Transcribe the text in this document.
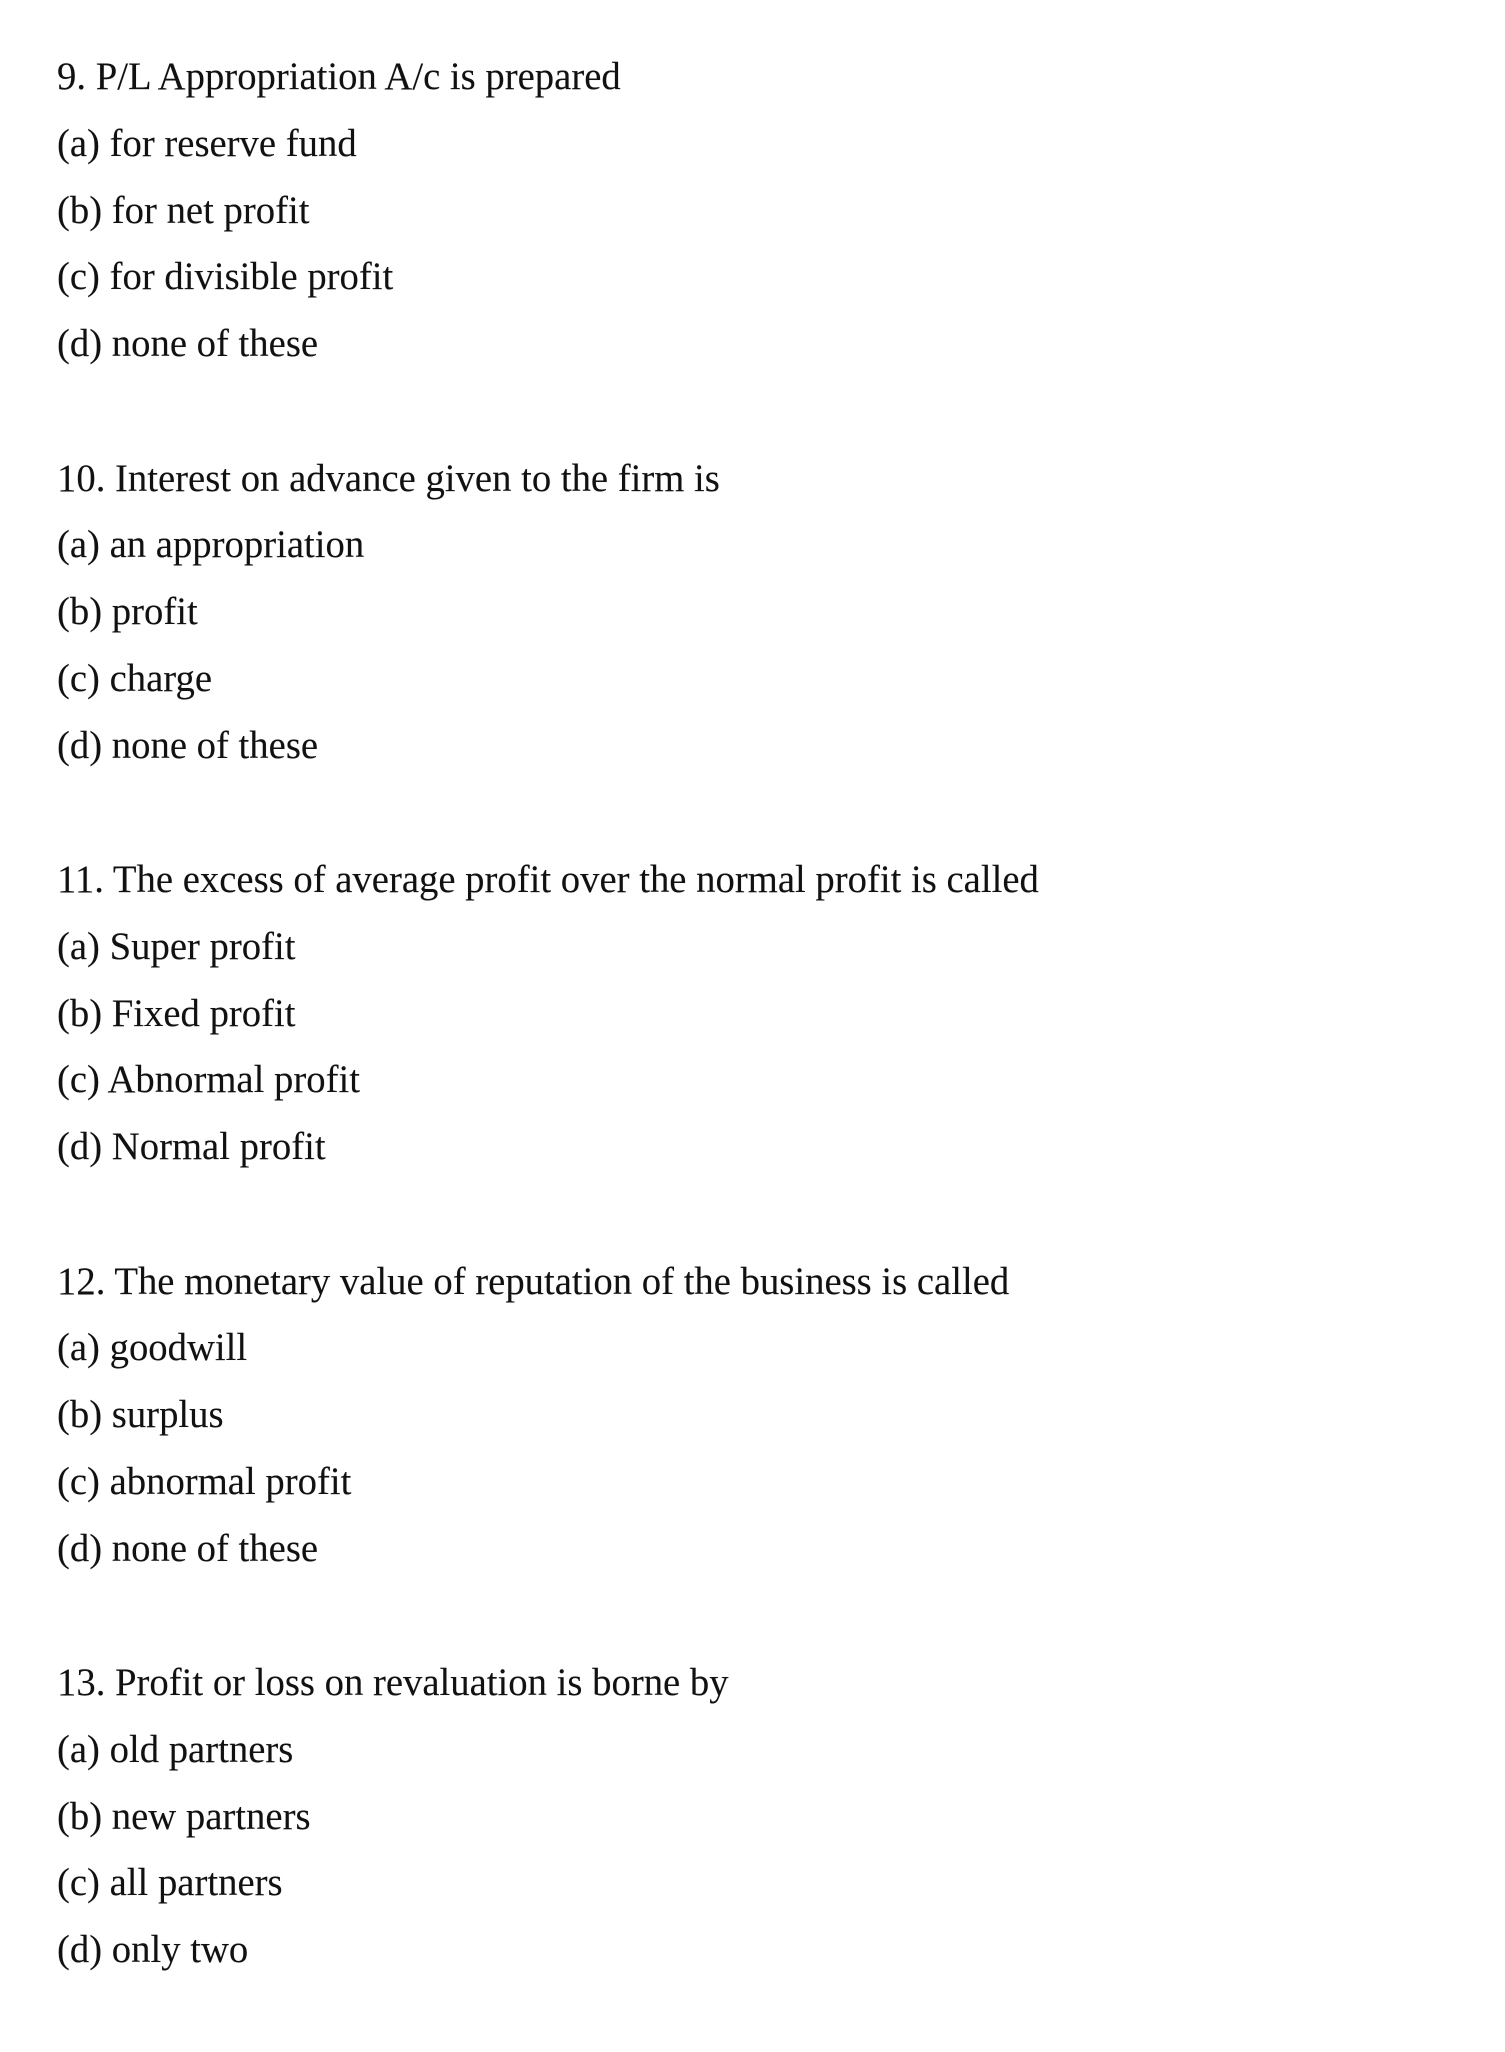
9. P/L Appropriation A/c is prepared
(a) for reserve fund
(b) for net profit
(c) for divisible profit
(d) none of these
10. Interest on advance given to the firm is
(a) an appropriation
(b) profit
(c) charge
(d) none of these
11. The excess of average profit over the normal profit is called
(a) Super profit
(b) Fixed profit
(c) Abnormal profit
(d) Normal profit
12. The monetary value of reputation of the business is called
(a) goodwill
(b) surplus
(c) abnormal profit
(d) none of these
13. Profit or loss on revaluation is borne by
(a) old partners
(b) new partners
(c) all partners
(d) only two
